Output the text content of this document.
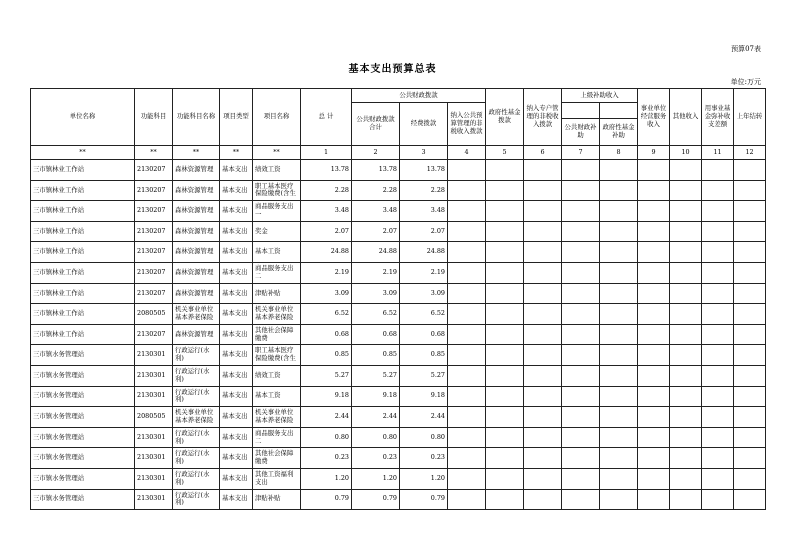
预算07表
基本支出预算总表
单位:万元
单位名称	功能科目	功能科目名称	项目类型	项目名称	总 计	公共财政拨款			政府性基金拨款	纳入专户管理的非税收入拨款	上级补助收入		事业单位经营服务收入	其他收入	用事业基金弥补收支差额	上年结转
						公共财政拨款合计	经费拨款	纳入公共预算管理的非税收入拨款								
											公共财政补助	政府性基金补助				
**	**	**	**	**	1	2	3	4	5	6	7	8	9	10	11	12
三市镇林业工作站	2130207	森林资源管理	基本支出	绩效工资	13.78	13.78	13.78									
三市镇林业工作站	2130207	森林资源管理	基本支出	职工基本医疗保险缴费(含生	2.28	2.28	2.28									
三市镇林业工作站	2130207	森林资源管理	基本支出	商品服务支出一	3.48	3.48	3.48									
三市镇林业工作站	2130207	森林资源管理	基本支出	奖金	2.07	2.07	2.07									
三市镇林业工作站	2130207	森林资源管理	基本支出	基本工资	24.88	24.88	24.88									
三市镇林业工作站	2130207	森林资源管理	基本支出	商品服务支出二	2.19	2.19	2.19									
三市镇林业工作站	2130207	森林资源管理	基本支出	津贴补贴	3.09	3.09	3.09									
三市镇林业工作站	2080505	机关事业单位基本养老保险	基本支出	机关事业单位基本养老保险	6.52	6.52	6.52									
三市镇林业工作站	2130207	森林资源管理	基本支出	其他社会保障缴费	0.68	0.68	0.68									
三市镇水务管理站	2130301	行政运行(水利)	基本支出	职工基本医疗保险缴费(含生	0.85	0.85	0.85									
三市镇水务管理站	2130301	行政运行(水利)	基本支出	绩效工资	5.27	5.27	5.27									
三市镇水务管理站	2130301	行政运行(水利)	基本支出	基本工资	9.18	9.18	9.18									
三市镇水务管理站	2080505	机关事业单位基本养老保险	基本支出	机关事业单位基本养老保险	2.44	2.44	2.44									
三市镇水务管理站	2130301	行政运行(水利)	基本支出	商品服务支出二	0.80	0.80	0.80									
三市镇水务管理站	2130301	行政运行(水利)	基本支出	其他社会保障缴费	0.23	0.23	0.23									
三市镇水务管理站	2130301	行政运行(水利)	基本支出	其他工资福利支出	1.20	1.20	1.20									
三市镇水务管理站	2130301	行政运行(水利)	基本支出	津贴补贴	0.79	0.79	0.79									
